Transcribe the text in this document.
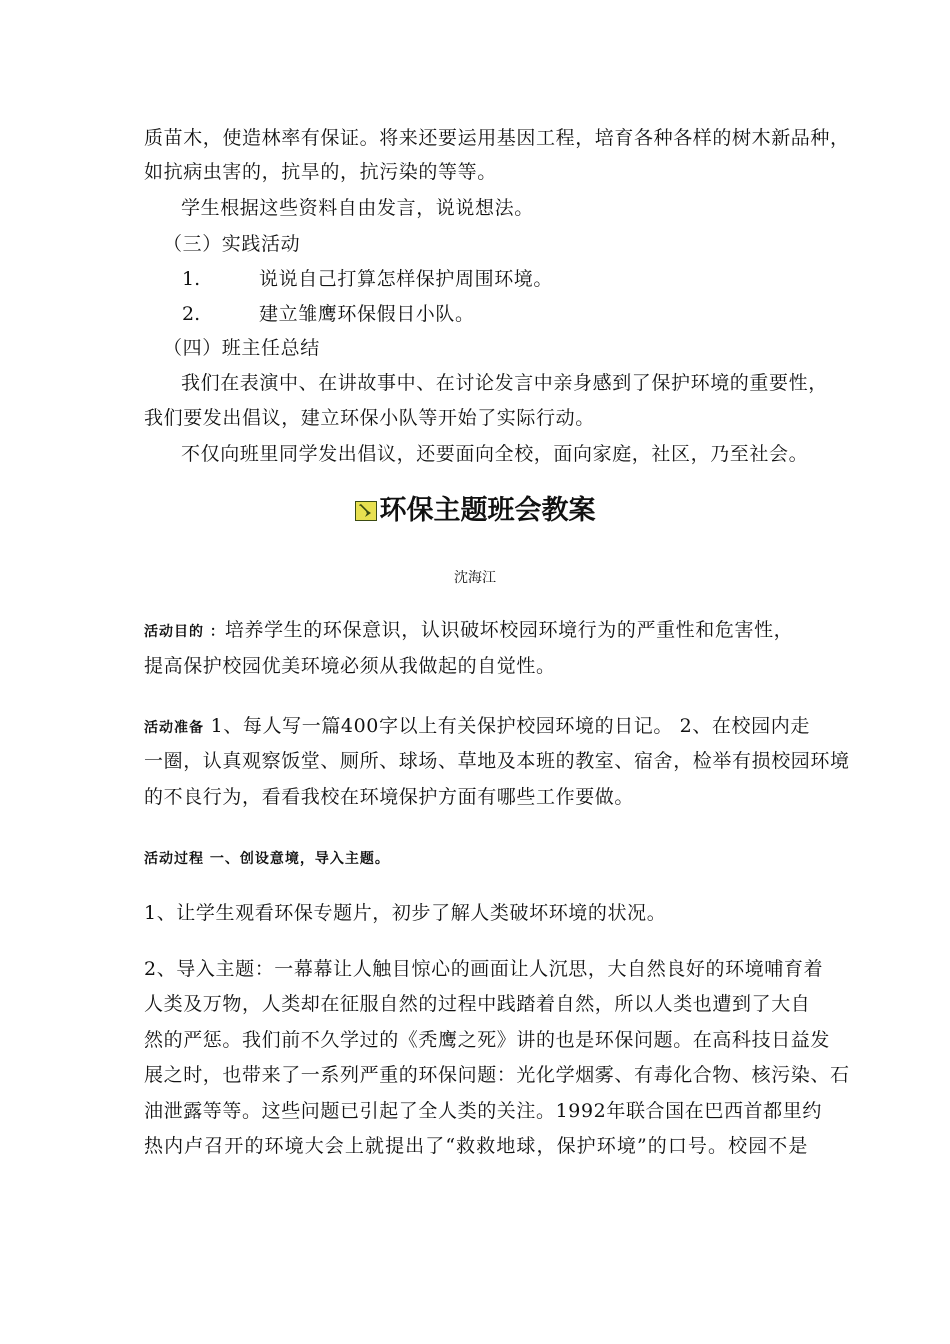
质苗木，使造林率有保证。将来还要运用基因工程，培育各种各样的树木新品种，
如抗病虫害的，抗旱的，抗污染的等等。
学生根据这些资料自由发言，说说想法。
（三）实践活动
1.	说说自己打算怎样保护周围环境。
2.	建立雏鹰环保假日小队。
（四）班主任总结
我们在表演中、在讲故事中、在讨论发言中亲身感到了保护环境的重要性，
我们要发出倡议，建立环保小队等开始了实际行动。
不仅向班里同学发出倡议，还要面向全校，面向家庭，社区，乃至社会。
环保主题班会教案
沈海江
活动目的 ：培养学生的环保意识，认识破坏校园环境行为的严重性和危害性，
提高保护校园优美环境必须从我做起的自觉性。
活动准备 1、每人写一篇400字以上有关保护校园环境的日记。 2、在校园内走
一圈，认真观察饭堂、厕所、球场、草地及本班的教室、宿舍，检举有损校园环境
的不良行为，看看我校在环境保护方面有哪些工作要做。
活动过程 一、创设意境，导入主题。
1、让学生观看环保专题片，初步了解人类破坏环境的状况。
2、导入主题：一幕幕让人触目惊心的画面让人沉思，大自然良好的环境哺育着
人类及万物，人类却在征服自然的过程中践踏着自然，所以人类也遭到了大自
然的严惩。我们前不久学过的《秃鹰之死》讲的也是环保问题。在高科技日益发
展之时，也带来了一系列严重的环保问题：光化学烟雾、有毒化合物、核污染、石
油泄露等等。这些问题已引起了全人类的关注。1992年联合国在巴西首都里约
热内卢召开的环境大会上就提出了“救救地球，保护环境”的口号。校园不是
